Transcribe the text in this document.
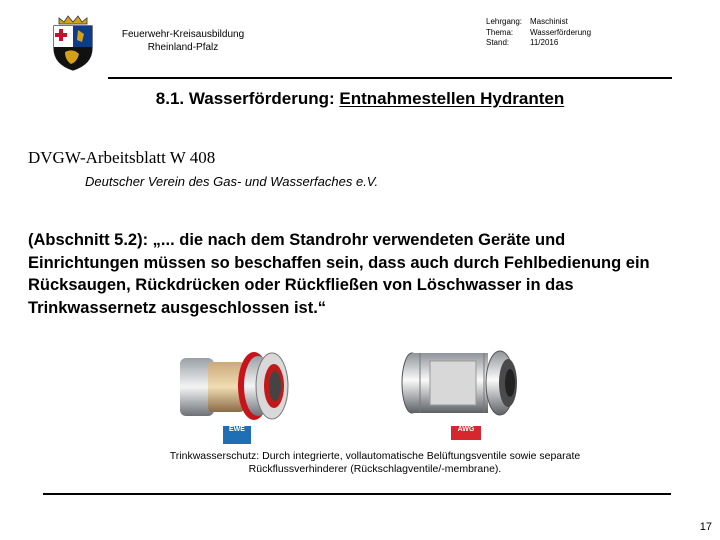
Feuerwehr-Kreisausbildung
Rheinland-Pfalz
Lehrgang: Maschinist
Thema:	Wasserförderung
Stand:	11/2016
8.1. Wasserförderung: Entnahmestellen Hydranten
DVGW-Arbeitsblatt W 408
Deutscher Verein des Gas- und Wasserfaches e.V.
(Abschnitt 5.2): „... die nach dem Standrohr verwendeten Geräte und Einrichtungen müssen so beschaffen sein, dass auch durch Fehlbedienung ein Rücksaugen, Rückdrücken oder Rückfließen von Löschwasser in das Trinkwassernetz ausgeschlossen ist.“
EWE	AWG
Trinkwasserschutz: Durch integrierte, vollautomatische Belüftungsventile sowie separate
Rückflussverhinderer (Rückschlagventile/-membrane).
17
